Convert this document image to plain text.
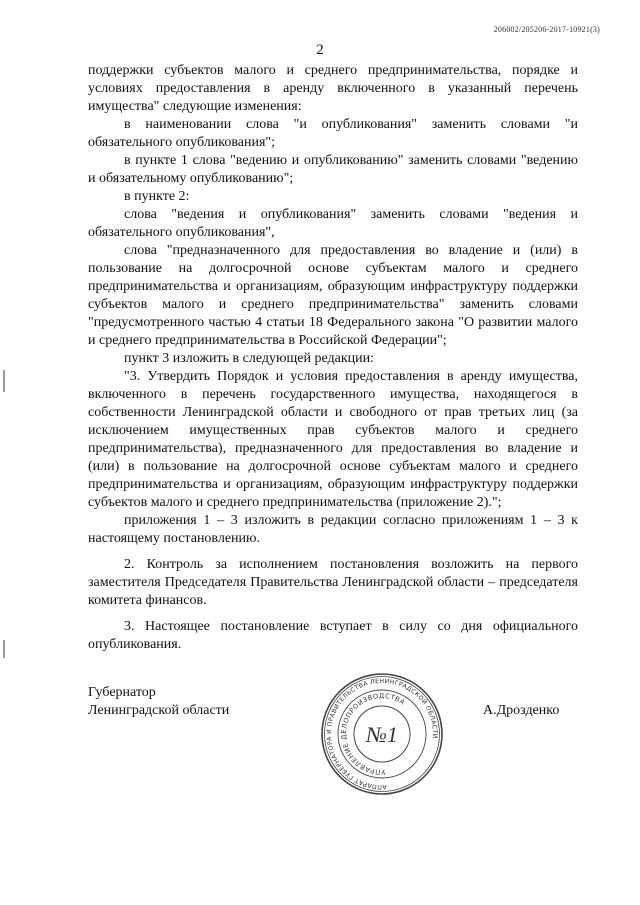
206002/205206-2017-10921(3)
2

поддержки субъектов малого и среднего предпринимательства, порядке и условиях предоставления в аренду включенного в указанный перечень имущества" следующие изменения:

в наименовании слова "и опубликования" заменить словами "и обязательного опубликования";

в пункте 1 слова "ведению и опубликованию" заменить словами "ведению и обязательному опубликованию";

в пункте 2:

слова "ведения и опубликования" заменить словами "ведения и обязательного опубликования",

слова "предназначенного для предоставления во владение и (или) в пользование на долгосрочной основе субъектам малого и среднего предпринимательства и организациям, образующим инфраструктуру поддержки субъектов малого и среднего предпринимательства" заменить словами "предусмотренного частью 4 статьи 18 Федерального закона "О развитии малого и среднего предпринимательства в Российской Федерации";

пункт 3 изложить в следующей редакции:

"3. Утвердить Порядок и условия предоставления в аренду имущества, включенного в перечень государственного имущества, находящегося в собственности Ленинградской области и свободного от прав третьих лиц (за исключением имущественных прав субъектов малого и среднего предпринимательства), предназначенного для предоставления во владение и (или) в пользование на долгосрочной основе субъектам малого и среднего предпринимательства и организациям, образующим инфраструктуру поддержки субъектов малого и среднего предпринимательства (приложение 2).";

приложения 1 – 3 изложить в редакции согласно приложениям 1 – 3 к настоящему постановлению.

2. Контроль за исполнением постановления возложить на первого заместителя Председателя Правительства Ленинградской области – председателя комитета финансов.

3. Настоящее постановление вступает в силу со дня официального опубликования.

Губернатор
Ленинградской области
АППАРАТ ГУБЕРНАТОРА И ПРАВИТЕЛЬСТВА ЛЕНИНГРАДСКОЙ ОБЛАСТИ
УПРАВЛЕНИЕ ДЕЛОПРОИЗВОДСТВА
№1
А.Дрозденко
